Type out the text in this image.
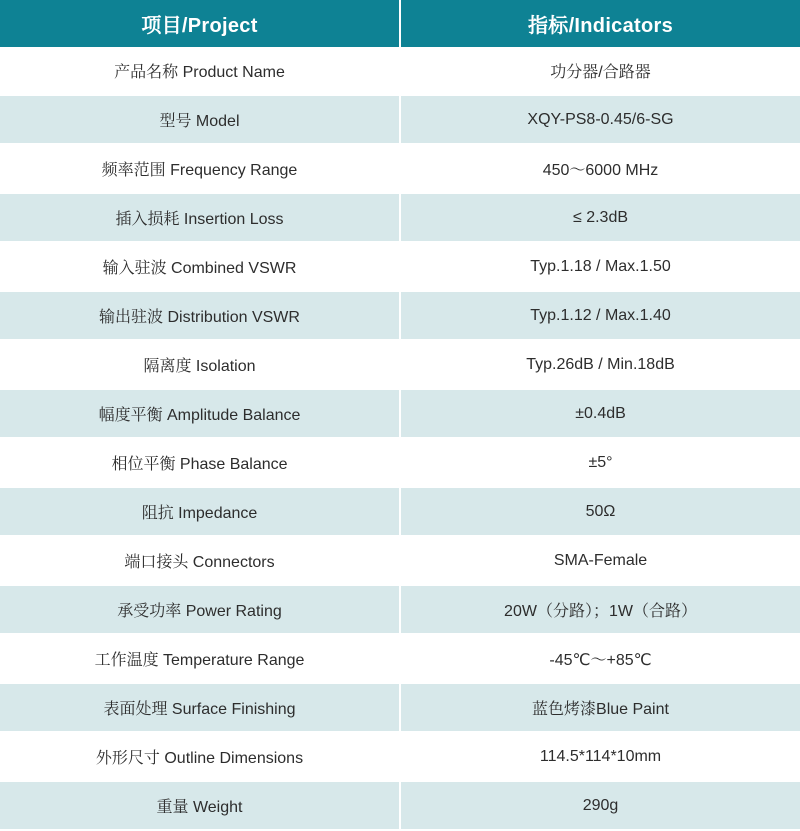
项目/Project	指标/Indicators
产品名称 Product Name	功分器/合路器
型号 Model	XQY-PS8-0.45/6-SG
频率范围 Frequency Range	450～6000 MHz
插入损耗 Insertion Loss	≤ 2.3dB
输入驻波 Combined VSWR	Typ.1.18 / Max.1.50
输出驻波 Distribution VSWR	Typ.1.12 / Max.1.40
隔离度 Isolation	Typ.26dB / Min.18dB
幅度平衡 Amplitude Balance	±0.4dB
相位平衡 Phase Balance	±5°
阻抗 Impedance	50Ω
端口接头 Connectors	SMA-Female
承受功率 Power Rating	20W（分路）；1W（合路）
工作温度 Temperature Range	-45℃～+85℃
表面处理 Surface Finishing	蓝色烤漆Blue Paint
外形尺寸 Outline Dimensions	114.5*114*10mm
重量 Weight	290g
